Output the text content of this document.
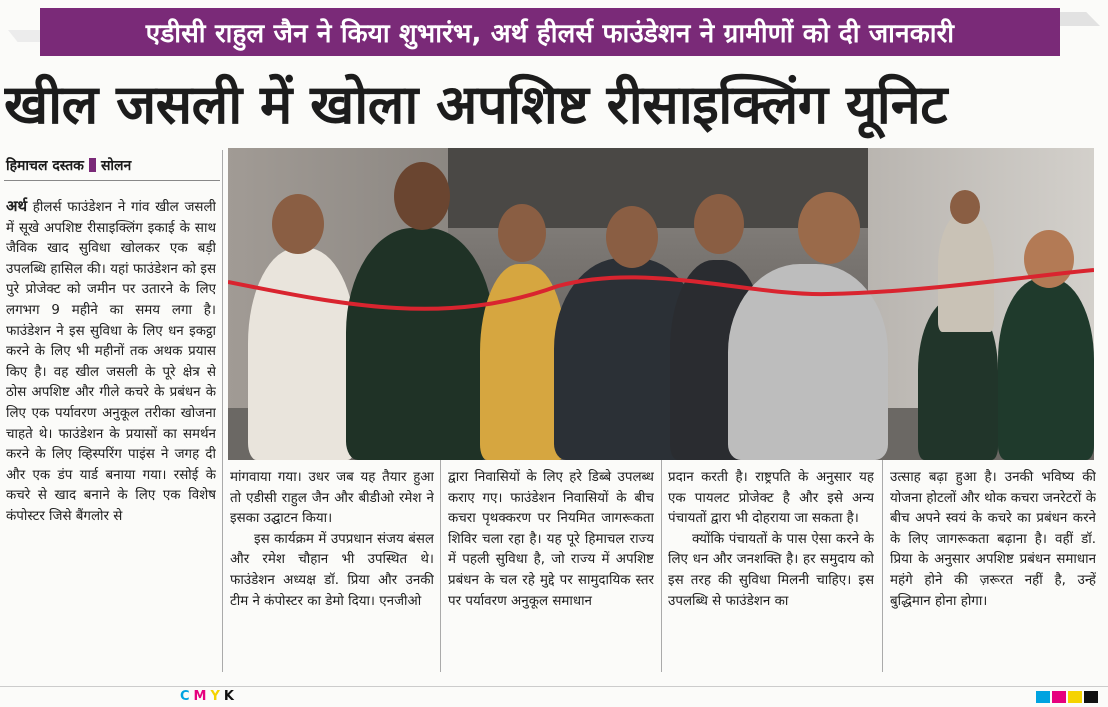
एडीसी राहुल जैन ने किया शुभारंभ, अर्थ हीलर्स फाउंडेशन ने ग्रामीणों को दी जानकारी
खील जसली में खोला अपशिष्ट रीसाइक्लिंग यूनिट
हिमाचल दस्तक सोलन

अर्थ हीलर्स फाउंडेशन ने गांव खील जसली में सूखे अपशिष्ट रीसाइक्लिंग इकाई के साथ जैविक खाद सुविधा खोलकर एक बड़ी उपलब्धि हासिल की। यहां फाउंडेशन को इस पुरे प्रोजेक्ट को जमीन पर उतारने के लिए लगभग 9 महीने का समय लगा है। फाउंडेशन ने इस सुविधा के लिए धन इकट्ठा करने के लिए भी महीनों तक अथक प्रयास किए है। वह खील जसली के पूरे क्षेत्र से ठोस अपशिष्ट और गीले कचरे के प्रबंधन के लिए एक पर्यावरण अनुकूल तरीका खोजना चाहते थे। फाउंडेशन के प्रयासों का समर्थन करने के लिए व्हिस्परिंग पाइंस ने जगह दी और एक डंप यार्ड बनाया गया। रसोई के कचरे से खाद बनाने के लिए एक विशेष कंपोस्टर जिसे बैंगलोर से

मांगवाया गया। उधर जब यह तैयार हुआ तो एडीसी राहुल जैन और बीडीओ रमेश ने इसका उद्घाटन किया।

इस कार्यक्रम में उपप्रधान संजय बंसल और रमेश चौहान भी उपस्थित थे। फाउंडेशन अध्यक्ष डॉ. प्रिया और उनकी टीम ने कंपोस्टर का डेमो दिया। एनजीओ

द्वारा निवासियों के लिए हरे डिब्बे उपलब्ध कराए गए। फाउंडेशन निवासियों के बीच कचरा पृथक्करण पर नियमित जागरूकता शिविर चला रहा है। यह पूरे हिमाचल राज्य में पहली सुविधा है, जो राज्य में अपशिष्ट प्रबंधन के चल रहे मुद्दे पर सामुदायिक स्तर पर पर्यावरण अनुकूल समाधान

प्रदान करती है। राष्ट्रपति के अनुसार यह एक पायलट प्रोजेक्ट है और इसे अन्य पंचायतों द्वारा भी दोहराया जा सकता है।

क्योंकि पंचायतों के पास ऐसा करने के लिए धन और जनशक्ति है। हर समुदाय को इस तरह की सुविधा मिलनी चाहिए। इस उपलब्धि से फाउंडेशन का

उत्साह बढ़ा हुआ है। उनकी भविष्य की योजना होटलों और थोक कचरा जनरेटरों के बीच अपने स्वयं के कचरे का प्रबंधन करने के लिए जागरूकता बढ़ाना है। वहीं डॉ. प्रिया के अनुसार अपशिष्ट प्रबंधन समाधान महंगे होने की ज़रूरत नहीं है, उन्हें बुद्धिमान होना होगा।

CMYK
